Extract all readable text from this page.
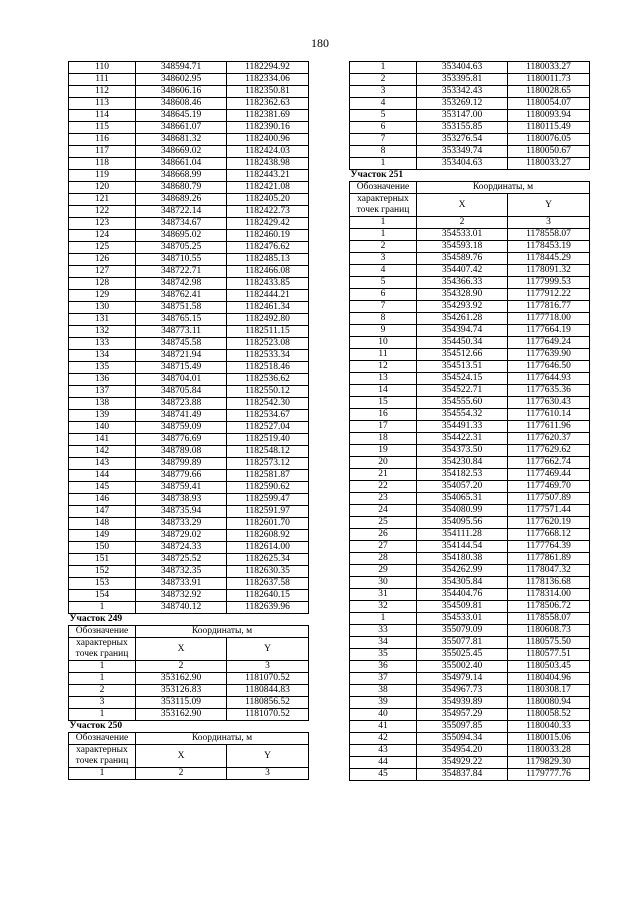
180
110	348594.71	1182294.92
111	348602.95	1182334.06
112	348606.16	1182350.81
113	348608.46	1182362.63
114	348645.19	1182381.69
115	348661.07	1182390.16
116	348681.32	1182400.96
117	348669.02	1182424.03
118	348661.04	1182438.98
119	348668.99	1182443.21
120	348680.79	1182421.08
121	348689.26	1182405.20
122	348722.14	1182422.73
123	348734.67	1182429.42
124	348695.02	1182460.19
125	348705.25	1182476.62
126	348710.55	1182485.13
127	348722.71	1182466.08
128	348742.98	1182433.85
129	348762.41	1182444.21
130	348751.58	1182461.34
131	348765.15	1182492.80
132	348773.11	1182511.15
133	348745.58	1182523.08
134	348721.94	1182533.34
135	348715.49	1182518.46
136	348704.01	1182536.62
137	348705.84	1182550.12
138	348723.88	1182542.30
139	348741.49	1182534.67
140	348759.09	1182527.04
141	348776.69	1182519.40
142	348789.08	1182548.12
143	348799.89	1182573.12
144	348779.66	1182581.87
145	348759.41	1182590.62
146	348738.93	1182599.47
147	348735.94	1182591.97
148	348733.29	1182601.70
149	348729.02	1182608.92
150	348724.33	1182614.00
151	348725.52	1182625.34
152	348732.35	1182630.35
153	348733.91	1182637.58
154	348732.92	1182640.15
1	348740.12	1182639.96
Участок 249		
Обозначение	Координаты, м	

характерных
точек границ	X	Y
1	2	3
1	353162.90	1181070.52
2	353126.83	1180844.83
3	353115.09	1180856.52
1	353162.90	1181070.52
Участок 250		
Обозначение	Координаты, м	

характерных
точек границ	X	Y
1	2	3
1	353404.63	1180033.27
2	353395.81	1180011.73
3	353342.43	1180028.65
4	353269.12	1180054.07
5	353147.00	1180093.94
6	353155.85	1180115.49
7	353276.54	1180076.05
8	353349.74	1180050.67
1	353404.63	1180033.27
Участок 251		
Обозначение	Координаты, м	

характерных
точек границ	X	Y
1	2	3
1	354533.01	1178558.07
2	354593.18	1178453.19
3	354589.76	1178445.29
4	354407.42	1178091.32
5	354366.33	1177999.53
6	354328.90	1177912.22
7	354293.92	1177816.77
8	354261.28	1177718.00
9	354394.74	1177664.19
10	354450.34	1177649.24
11	354512.66	1177639.90
12	354513.51	1177646.50
13	354524.15	1177644.93
14	354522.71	1177635.36
15	354555.60	1177630.43
16	354554.32	1177610.14
17	354491.33	1177611.96
18	354422.31	1177620.37
19	354373.50	1177629.62
20	354230.84	1177662.74
21	354182.53	1177469.44
22	354057.20	1177469.70
23	354065.31	1177507.89
24	354080.99	1177571.44
25	354095.56	1177620.19
26	354111.28	1177668.12
27	354144.54	1177764.39
28	354180.38	1177861.89
29	354262.99	1178047.32
30	354305.84	1178136.68
31	354404.76	1178314.00
32	354509.81	1178506.72
1	354533.01	1178558.07
33	355079.09	1180608.73
34	355077.81	1180575.50
35	355025.45	1180577.51
36	355002.40	1180503.45
37	354979.14	1180404.96
38	354967.73	1180308.17
39	354939.89	1180080.94
40	354957.29	1180058.52
41	355097.85	1180040.33
42	355094.34	1180015.06
43	354954.20	1180033.28
44	354929.22	1179829.30
45	354837.84	1179777.76
